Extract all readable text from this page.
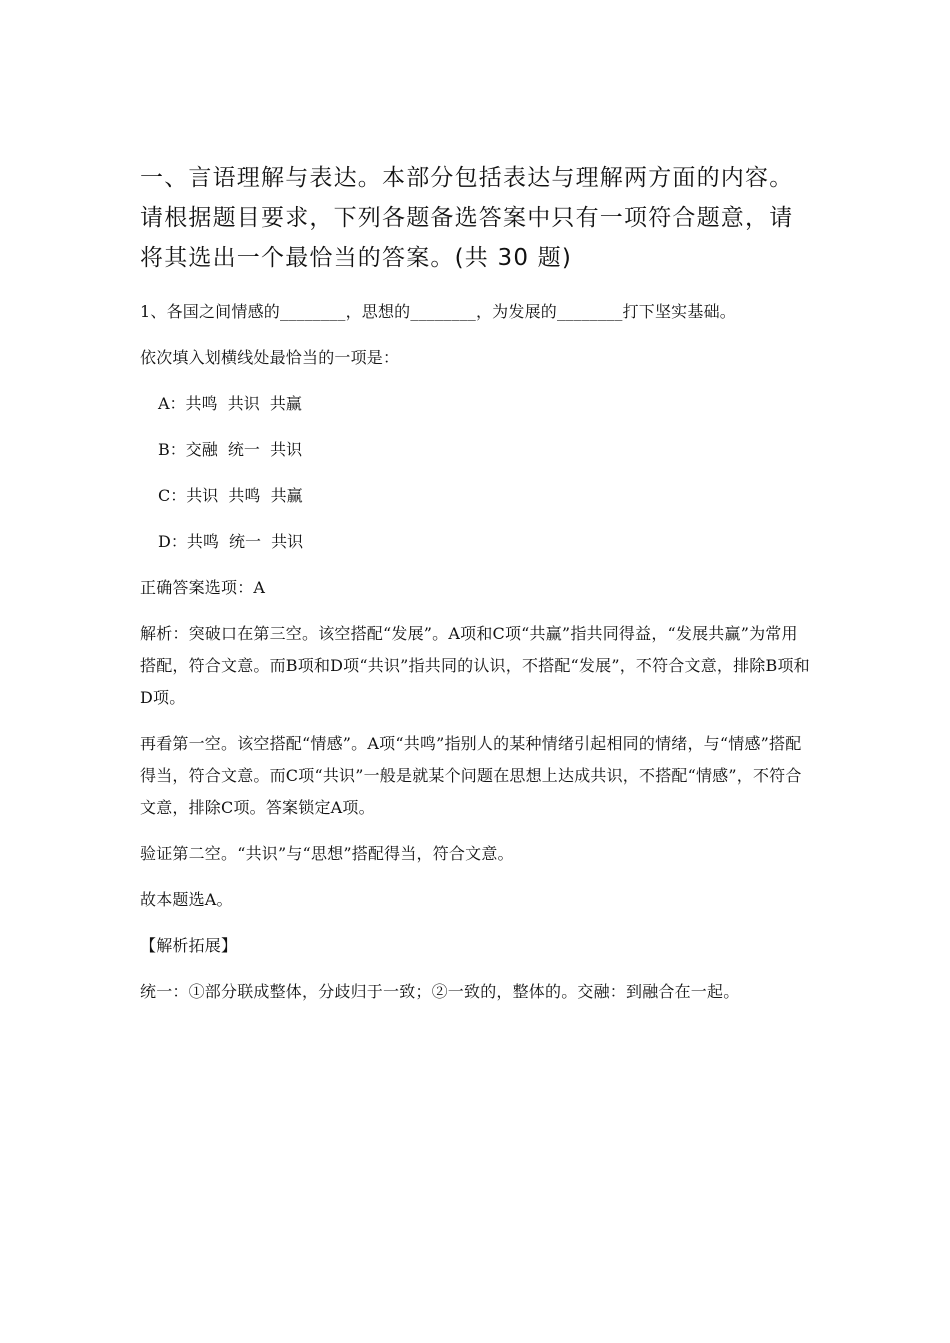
一、言语理解与表达。本部分包括表达与理解两方面的内容。请根据题目要求，下列各题备选答案中只有一项符合题意，请将其选出一个最恰当的答案。(共 30 题)

1、各国之间情感的________，思想的________，为发展的________打下坚实基础。

依次填入划横线处最恰当的一项是：

A：共鸣  共识  共赢
B：交融  统一  共识
C：共识  共鸣  共赢
D：共鸣  统一  共识

正确答案选项：A

解析：突破口在第三空。该空搭配“发展”。A项和C项“共赢”指共同得益，“发展共赢”为常用搭配，符合文意。而B项和D项“共识”指共同的认识，不搭配“发展”，不符合文意，排除B项和D项。

再看第一空。该空搭配“情感”。A项“共鸣”指别人的某种情绪引起相同的情绪，与“情感”搭配得当，符合文意。而C项“共识”一般是就某个问题在思想上达成共识，不搭配“情感”，不符合文意，排除C项。答案锁定A项。

验证第二空。“共识”与“思想”搭配得当，符合文意。

故本题选A。

【解析拓展】

统一：①部分联成整体，分歧归于一致；②一致的，整体的。交融：到融合在一起。
